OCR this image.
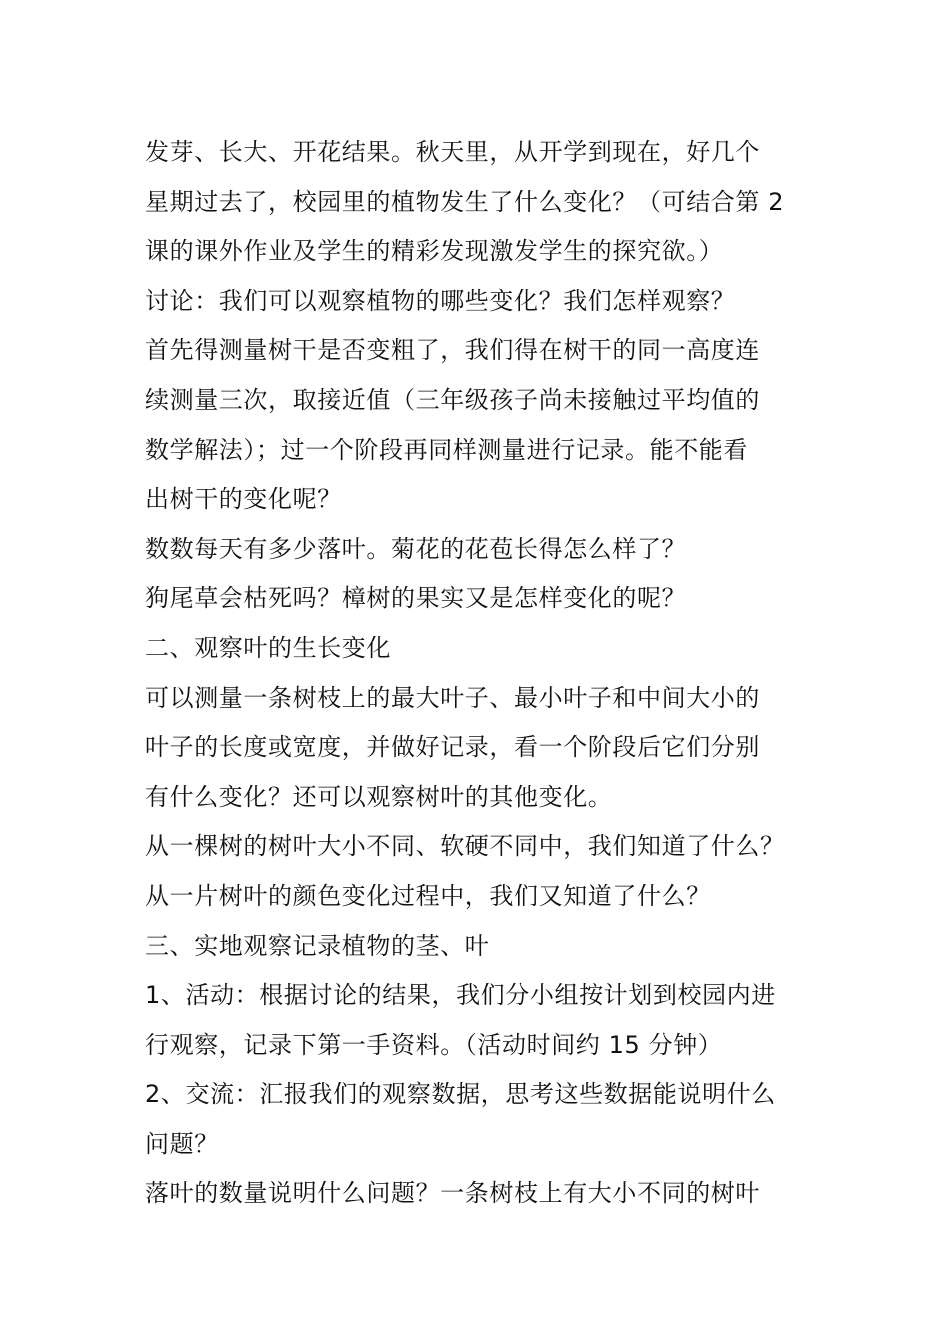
发芽、长大、开花结果。秋天里，从开学到现在，好几个
星期过去了，校园里的植物发生了什么变化？（可结合第 2
课的课外作业及学生的精彩发现激发学生的探究欲。）
讨论：我们可以观察植物的哪些变化？我们怎样观察？
首先得测量树干是否变粗了，我们得在树干的同一高度连
续测量三次，取接近值（三年级孩子尚未接触过平均值的
数学解法）；过一个阶段再同样测量进行记录。能不能看
出树干的变化呢？
数数每天有多少落叶。菊花的花苞长得怎么样了？
狗尾草会枯死吗？樟树的果实又是怎样变化的呢？
二、观察叶的生长变化
可以测量一条树枝上的最大叶子、最小叶子和中间大小的
叶子的长度或宽度，并做好记录，看一个阶段后它们分别
有什么变化？还可以观察树叶的其他变化。
从一棵树的树叶大小不同、软硬不同中，我们知道了什么？
从一片树叶的颜色变化过程中，我们又知道了什么？
三、实地观察记录植物的茎、叶
1、活动：根据讨论的结果，我们分小组按计划到校园内进
行观察，记录下第一手资料。（活动时间约 15 分钟）
2、交流：汇报我们的观察数据，思考这些数据能说明什么
问题？
落叶的数量说明什么问题？一条树枝上有大小不同的树叶
